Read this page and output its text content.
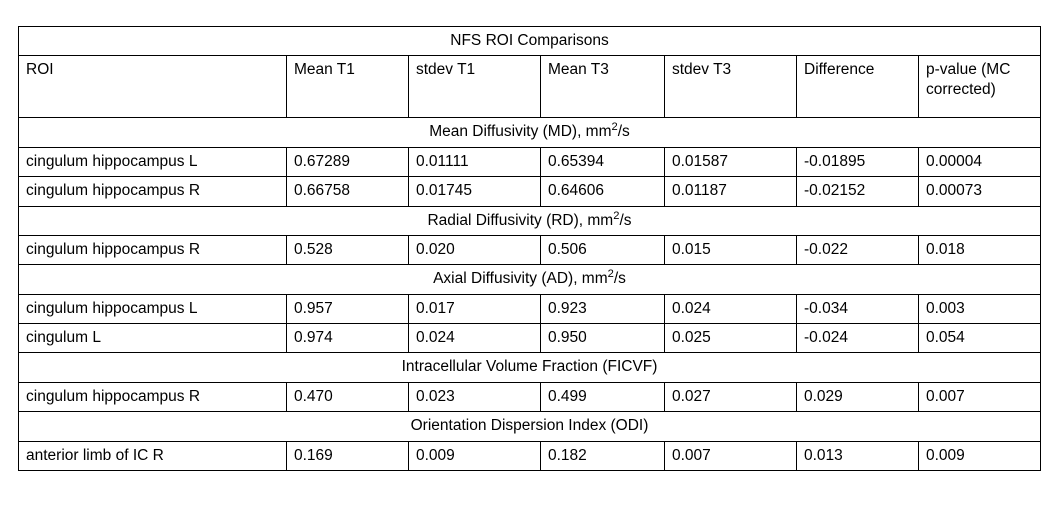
NFS ROI Comparisons						
ROI	Mean T1	stdev T1	Mean T3	stdev T3	Difference	p-value (MC corrected)
Mean Diffusivity (MD), $mm^2/s$						
cingulum hippocampus L	0.67289	0.01111	0.65394	0.01587	-0.01895	0.00004
cingulum hippocampus R	0.66758	0.01745	0.64606	0.01187	-0.02152	0.00073
Radial Diffusivity (RD), $mm^2/s$						
cingulum hippocampus R	0.528	0.020	0.506	0.015	-0.022	0.018
Axial Diffusivity (AD), $mm^2/s$						
cingulum hippocampus L	0.957	0.017	0.923	0.024	-0.034	0.003
cingulum L	0.974	0.024	0.950	0.025	-0.024	0.054
Intracellular Volume Fraction (FICVF)						
cingulum hippocampus R	0.470	0.023	0.499	0.027	0.029	0.007
Orientation Dispersion Index (ODI)						
anterior limb of IC R	0.169	0.009	0.182	0.007	0.013	0.009
